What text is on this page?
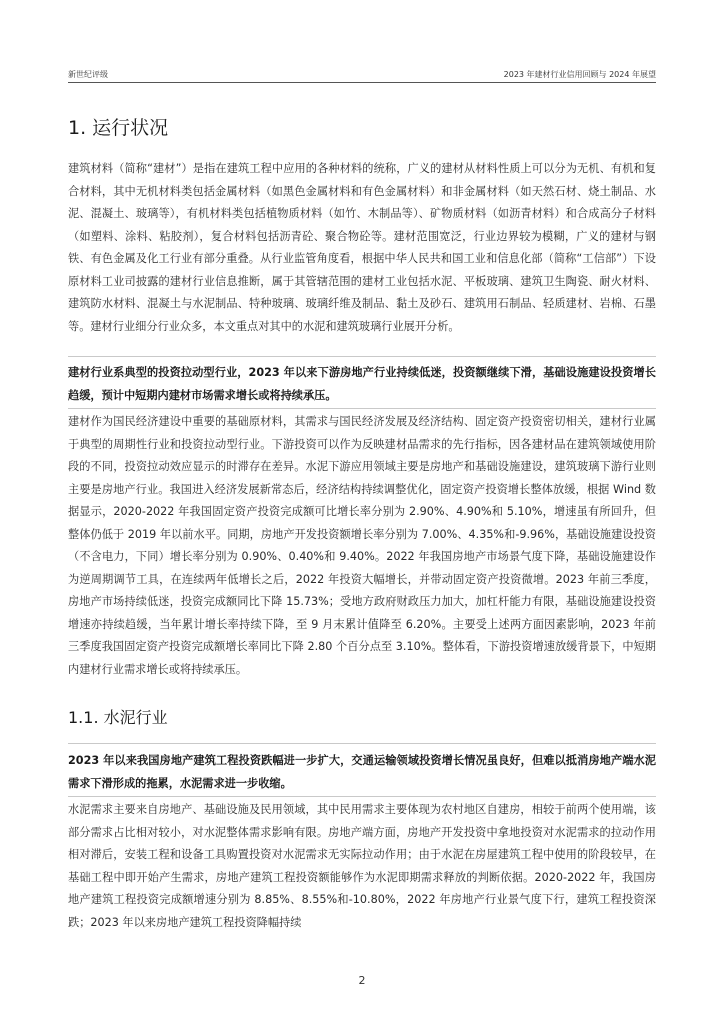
新世纪评级	2023 年建材行业信用回顾与 2024 年展望
1. 运行状况
建筑材料（简称“建材”）是指在建筑工程中应用的各种材料的统称，广义的建材从材料性质上可以分为无机、有机和复合材料，其中无机材料类包括金属材料（如黑色金属材料和有色金属材料）和非金属材料（如天然石材、烧土制品、水泥、混凝土、玻璃等），有机材料类包括植物质材料（如竹、木制品等）、矿物质材料（如沥青材料）和合成高分子材料（如塑料、涂料、粘胶剂），复合材料包括沥青砼、聚合物砼等。建材范围宽泛，行业边界较为模糊，广义的建材与钢铁、有色金属及化工行业有部分重叠。从行业监管角度看，根据中华人民共和国工业和信息化部（简称“工信部”）下设原材料工业司披露的建材行业信息推断，属于其管辖范围的建材工业包括水泥、平板玻璃、建筑卫生陶瓷、耐火材料、建筑防水材料、混凝土与水泥制品、特种玻璃、玻璃纤维及制品、黏土及砂石、建筑用石制品、轻质建材、岩棉、石墨等。建材行业细分行业众多，本文重点对其中的水泥和建筑玻璃行业展开分析。
建材行业系典型的投资拉动型行业，2023 年以来下游房地产行业持续低迷，投资额继续下滑，基础设施建设投资增长趋缓，预计中短期内建材市场需求增长或将持续承压。
建材作为国民经济建设中重要的基础原材料，其需求与国民经济发展及经济结构、固定资产投资密切相关，建材行业属于典型的周期性行业和投资拉动型行业。下游投资可以作为反映建材品需求的先行指标，因各建材品在建筑领域使用阶段的不同，投资拉动效应显示的时滞存在差异。水泥下游应用领域主要是房地产和基础设施建设，建筑玻璃下游行业则主要是房地产行业。我国进入经济发展新常态后，经济结构持续调整优化，固定资产投资增长整体放缓，根据 Wind 数据显示，2020-2022 年我国固定资产投资完成额可比增长率分别为 2.90%、4.90%和 5.10%，增速虽有所回升，但整体仍低于 2019 年以前水平。同期，房地产开发投资额增长率分别为 7.00%、4.35%和-9.96%，基础设施建设投资（不含电力，下同）增长率分别为 0.90%、0.40%和 9.40%。2022 年我国房地产市场景气度下降，基础设施建设作为逆周期调节工具，在连续两年低增长之后，2022 年投资大幅增长，并带动固定资产投资微增。2023 年前三季度，房地产市场持续低迷，投资完成额同比下降 15.73%；受地方政府财政压力加大，加杠杆能力有限，基础设施建设投资增速亦持续趋缓，当年累计增长率持续下降，至 9 月末累计值降至 6.20%。主要受上述两方面因素影响，2023 年前三季度我国固定资产投资完成额增长率同比下降 2.80 个百分点至 3.10%。整体看，下游投资增速放缓背景下，中短期内建材行业需求增长或将持续承压。
1.1. 水泥行业
2023 年以来我国房地产建筑工程投资跌幅进一步扩大，交通运输领域投资增长情况虽良好，但难以抵消房地产端水泥需求下滑形成的拖累，水泥需求进一步收缩。
水泥需求主要来自房地产、基础设施及民用领域，其中民用需求主要体现为农村地区自建房，相较于前两个使用端，该部分需求占比相对较小，对水泥整体需求影响有限。房地产端方面，房地产开发投资中拿地投资对水泥需求的拉动作用相对滞后，安装工程和设备工具购置投资对水泥需求无实际拉动作用；由于水泥在房屋建筑工程中使用的阶段较早，在基础工程中即开始产生需求，房地产建筑工程投资额能够作为水泥即期需求释放的判断依据。2020-2022 年，我国房地产建筑工程投资完成额增速分别为 8.85%、8.55%和-10.80%，2022 年房地产行业景气度下行，建筑工程投资深跌；2023 年以来房地产建筑工程投资降幅持续
2
